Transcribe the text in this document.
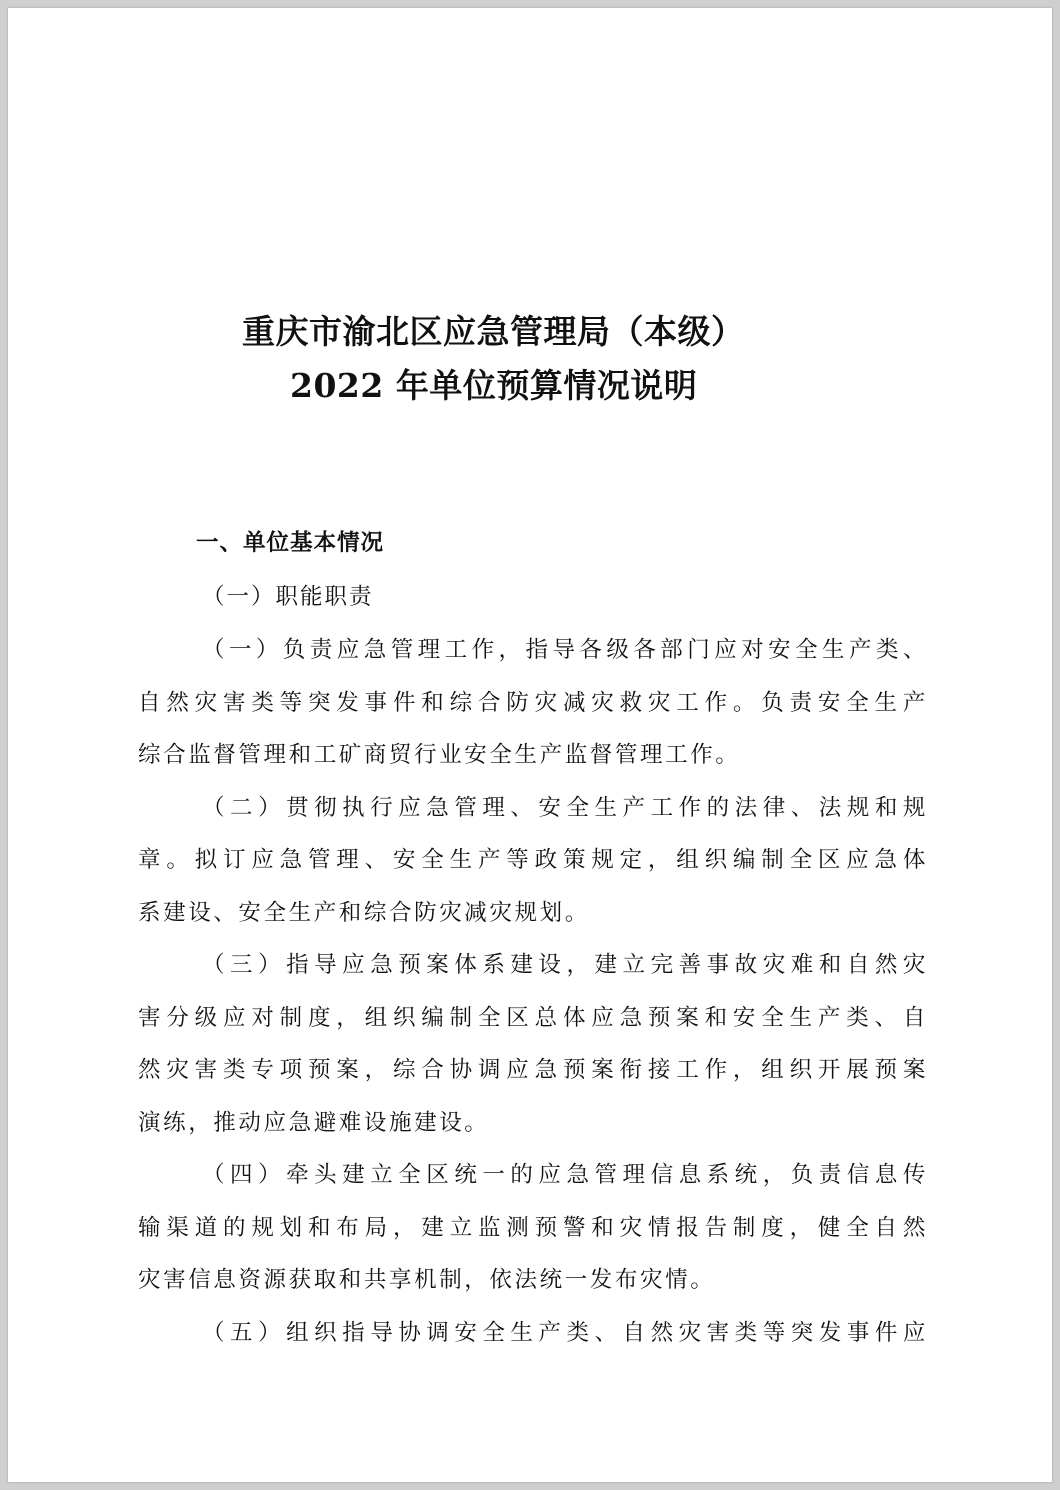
重庆市渝北区应急管理局（本级）
2022 年单位预算情况说明

一、单位基本情况

（一）职能职责

（一）负责应急管理工作，指导各级各部门应对安全生产类、
自然灾害类等突发事件和综合防灾减灾救灾工作。负责安全生产
综合监督管理和工矿商贸行业安全生产监督管理工作。

（二）贯彻执行应急管理、安全生产工作的法律、法规和规
章。拟订应急管理、安全生产等政策规定，组织编制全区应急体
系建设、安全生产和综合防灾减灾规划。

（三）指导应急预案体系建设，建立完善事故灾难和自然灾
害分级应对制度，组织编制全区总体应急预案和安全生产类、自
然灾害类专项预案，综合协调应急预案衔接工作，组织开展预案
演练，推动应急避难设施建设。

（四）牵头建立全区统一的应急管理信息系统，负责信息传
输渠道的规划和布局，建立监测预警和灾情报告制度，健全自然
灾害信息资源获取和共享机制，依法统一发布灾情。

（五）组织指导协调安全生产类、自然灾害类等突发事件应
